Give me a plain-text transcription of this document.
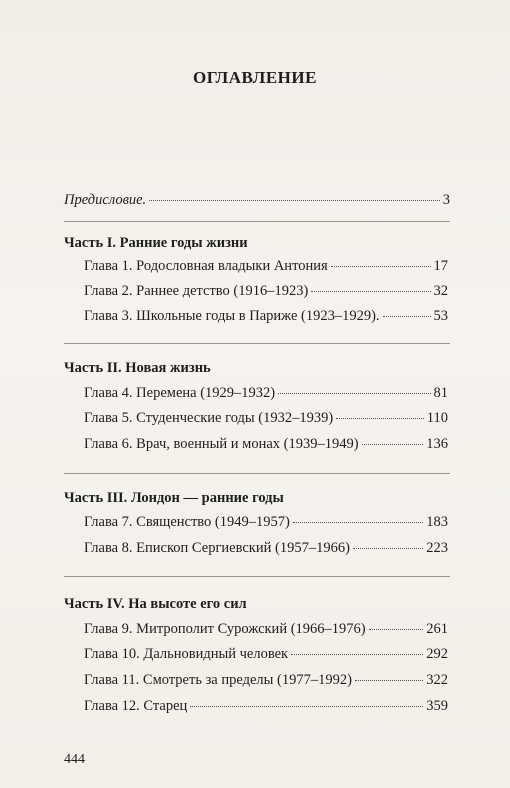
ОГЛАВЛЕНИЕ
Предисловие.	3
Часть I. Ранние годы жизни
Глава 1. Родословная владыки Антония	17
Глава 2. Раннее детство (1916–1923)	32
Глава 3. Школьные годы в Париже (1923–1929).	53
Часть II. Новая жизнь
Глава 4. Перемена (1929–1932)	81
Глава 5. Студенческие годы (1932–1939)	110
Глава 6. Врач, военный и монах (1939–1949)	136
Часть III. Лондон — ранние годы
Глава 7. Священство (1949–1957)	183
Глава 8. Епископ Сергиевский (1957–1966)	223
Часть IV. На высоте его сил
Глава 9. Митрополит Сурожский (1966–1976)	261
Глава 10. Дальновидный человек	292
Глава 11. Смотреть за пределы (1977–1992)	322
Глава 12. Старец	359
444
